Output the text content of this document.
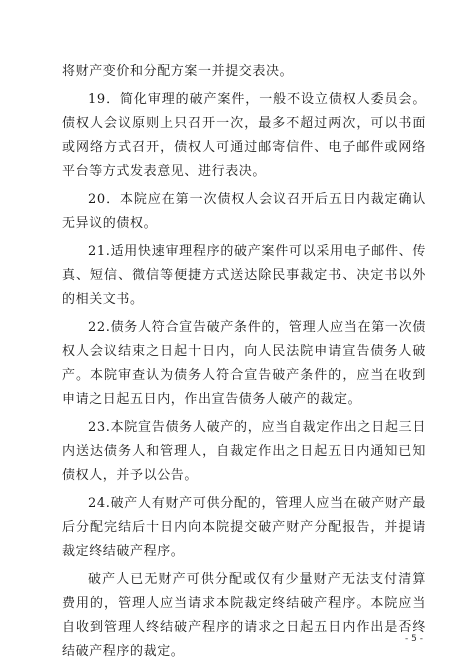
将财产变价和分配方案一并提交表决。

19．简化审理的破产案件，一般不设立债权人委员会。债权人会议原则上只召开一次，最多不超过两次，可以书面或网络方式召开，债权人可通过邮寄信件、电子邮件或网络平台等方式发表意见、进行表决。

20．本院应在第一次债权人会议召开后五日内裁定确认无异议的债权。

21.适用快速审理程序的破产案件可以采用电子邮件、传真、短信、微信等便捷方式送达除民事裁定书、决定书以外的相关文书。

22.债务人符合宣告破产条件的，管理人应当在第一次债权人会议结束之日起十日内，向人民法院申请宣告债务人破产。本院审查认为债务人符合宣告破产条件的，应当在收到申请之日起五日内，作出宣告债务人破产的裁定。

23.本院宣告债务人破产的，应当自裁定作出之日起三日内送达债务人和管理人，自裁定作出之日起五日内通知已知债权人，并予以公告。

24.破产人有财产可供分配的，管理人应当在破产财产最后分配完结后十日内向本院提交破产财产分配报告，并提请裁定终结破产程序。

破产人已无财产可供分配或仅有少量财产无法支付清算费用的，管理人应当请求本院裁定终结破产程序。本院应当自收到管理人终结破产程序的请求之日起五日内作出是否终结破产程序的裁定。

- 5 -
